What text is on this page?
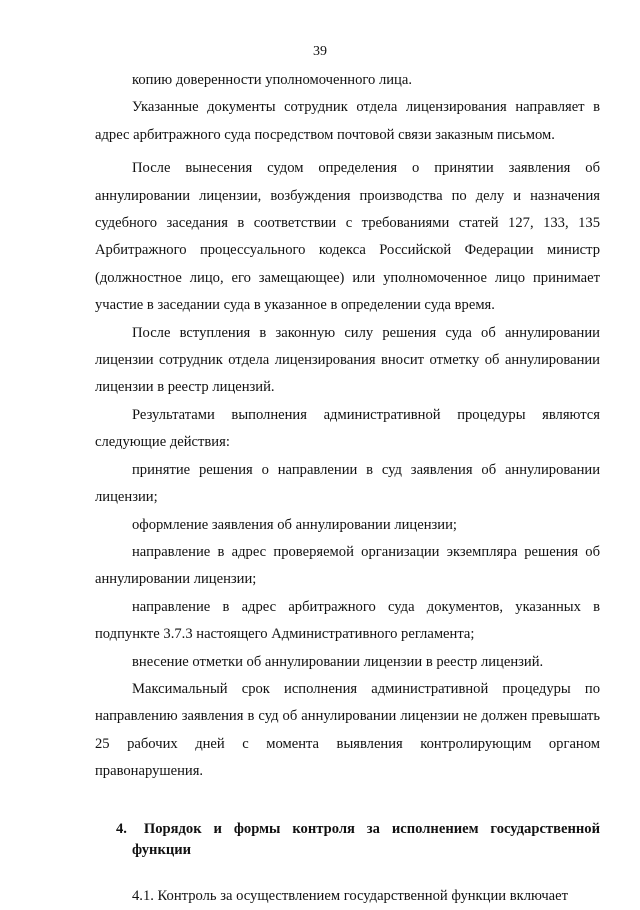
39

копию доверенности уполномоченного лица.

Указанные документы сотрудник отдела лицензирования направляет в адрес арбитражного суда посредством почтовой связи заказным письмом.

После вынесения судом определения о принятии заявления об аннулировании лицензии, возбуждения производства по делу и назначения судебного заседания в соответствии с требованиями статей 127, 133, 135 Арбитражного процессуального кодекса Российской Федерации министр (должностное лицо, его замещающее) или уполномоченное лицо принимает участие в заседании суда в указанное в определении суда время.

После вступления в законную силу решения суда об аннулировании лицензии сотрудник отдела лицензирования вносит отметку об аннулировании лицензии в реестр лицензий.

Результатами выполнения административной процедуры являются следующие действия:

принятие решения о направлении в суд заявления об аннулировании лицензии;

оформление заявления об аннулировании лицензии;

направление в адрес проверяемой организации экземпляра решения об аннулировании лицензии;

направление в адрес арбитражного суда документов, указанных в подпункте 3.7.3 настоящего Административного регламента;

внесение отметки об аннулировании лицензии в реестр лицензий.

Максимальный срок исполнения административной процедуры по направлению заявления в суд об аннулировании лицензии не должен превышать 25 рабочих дней с момента выявления контролирующим органом правонарушения.

4. Порядок и формы контроля за исполнением государственной функции

4.1. Контроль за осуществлением государственной функции включает
